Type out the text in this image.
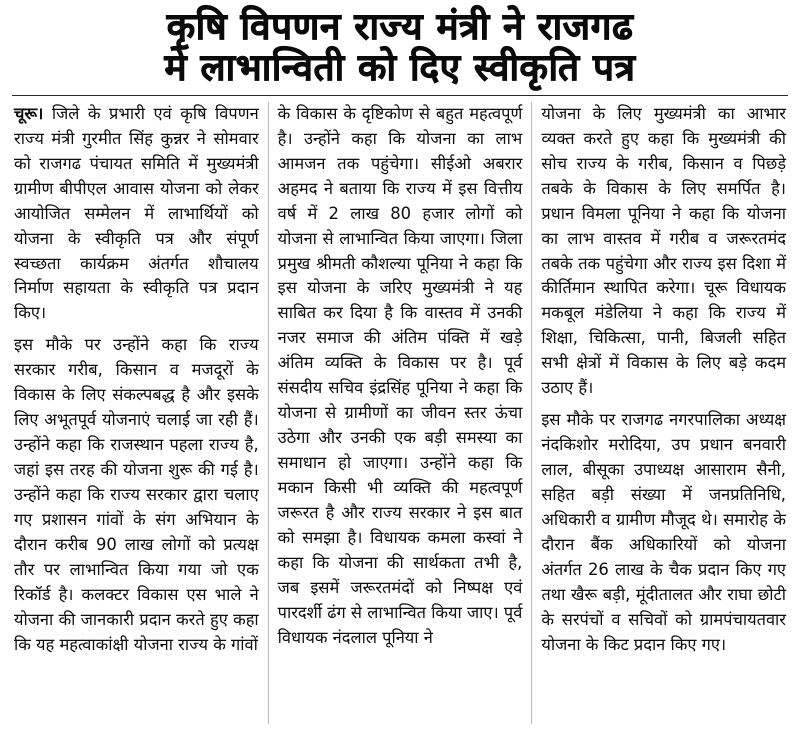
कृषि विपणन राज्य मंत्री ने राजगढ
मे लाभान्विती को दिए स्वीकृति पत्र

चूरू। जिले के प्रभारी एवं कृषि विपणन राज्य मंत्री गुरमीत सिंह कुन्नर ने सोमवार को राजगढ पंचायत समिति में मुख्यमंत्री ग्रामीण बीपीएल आवास योजना को लेकर आयोजित सम्मेलन में लाभार्थियों को योजना के स्वीकृति पत्र और संपूर्ण स्वच्छता कार्यक्रम अंतर्गत शौचालय निर्माण सहायता के स्वीकृति पत्र प्रदान किए।

इस मौके पर उन्होंने कहा कि राज्य सरकार गरीब, किसान व मजदूरों के विकास के लिए संकल्पबद्ध है और इसके लिए अभूतपूर्व योजनाएं चलाई जा रही हैं। उन्होंने कहा कि राजस्थान पहला राज्य है, जहां इस तरह की योजना शुरू की गई है। उन्होंने कहा कि राज्य सरकार द्वारा चलाए गए प्रशासन गांवों के संग अभियान के दौरान करीब 90 लाख लोगों को प्रत्यक्ष तौर पर लाभान्वित किया गया जो एक रिकॉर्ड है। कलक्टर विकास एस भाले ने योजना की जानकारी प्रदान करते हुए कहा कि यह महत्वाकांक्षी योजना राज्य के गांवों

के विकास के दृष्टिकोण से बहुत महत्वपूर्ण है। उन्होंने कहा कि योजना का लाभ आमजन तक पहुंचेगा। सीईओ अबरार अहमद ने बताया कि राज्य में इस वित्तीय वर्ष में 2 लाख 80 हजार लोगों को योजना से लाभान्वित किया जाएगा। जिला प्रमुख श्रीमती कौशल्या पूनिया ने कहा कि इस योजना के जरिए मुख्यमंत्री ने यह साबित कर दिया है कि वास्तव में उनकी नजर समाज की अंतिम पंक्ति में खड़े अंतिम व्यक्ति के विकास पर है। पूर्व संसदीय सचिव इंद्रसिंह पूनिया ने कहा कि योजना से ग्रामीणों का जीवन स्तर ऊंचा उठेगा और उनकी एक बड़ी समस्या का समाधान हो जाएगा। उन्होंने कहा कि मकान किसी भी व्यक्ति की महत्वपूर्ण जरूरत है और राज्य सरकार ने इस बात को समझा है। विधायक कमला कस्वां ने कहा कि योजना की सार्थकता तभी है, जब इसमें जरूरतमंदों को निष्पक्ष एवं पारदर्शी ढंग से लाभान्वित किया जाए। पूर्व विधायक नंदलाल पूनिया ने

योजना के लिए मुख्यमंत्री का आभार व्यक्त करते हुए कहा कि मुख्यमंत्री की सोच राज्य के गरीब, किसान व पिछड़े तबके के विकास के लिए समर्पित है। प्रधान विमला पूनिया ने कहा कि योजना का लाभ वास्तव में गरीब व जरूरतमंद तबके तक पहुंचेगा और राज्य इस दिशा में कीर्तिमान स्थापित करेगा। चूरू विधायक मकबूल मंडेलिया ने कहा कि राज्य में शिक्षा, चिकित्सा, पानी, बिजली सहित सभी क्षेत्रों में विकास के लिए बड़े कदम उठाए हैं।

इस मौके पर राजगढ नगरपालिका अध्यक्ष नंदकिशोर मरोदिया, उप प्रधान बनवारी लाल, बीसूका उपाध्यक्ष आसाराम सैनी, सहित बड़ी संख्या में जनप्रतिनिधि, अधिकारी व ग्रामीण मौजूद थे। समारोह के दौरान बैंक अधिकारियों को योजना अंतर्गत 26 लाख के चैक प्रदान किए गए तथा खैरू बड़ी, मूंदीतालत और राघा छोटी के सरपंचों व सचिवों को ग्रामपंचायतवार योजना के किट प्रदान किए गए।
